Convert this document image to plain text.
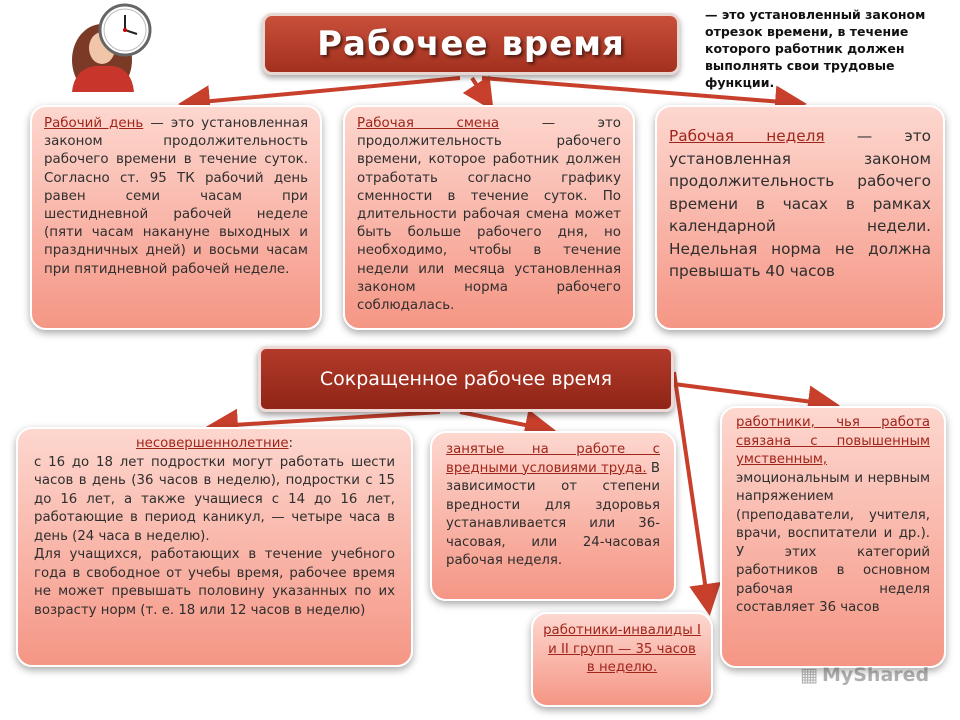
Рабочее время
— это установленный законом отрезок времени, в течение которого работник должен выполнять свои трудовые функции.
Рабочий день — это установленная законом продолжительность рабочего времени в течение суток. Согласно ст. 95 ТК рабочий день равен семи часам при шестидневной рабочей неделе (пяти часам накануне выходных и праздничных дней) и восьми часам при пятидневной рабочей неделе.
Рабочая смена — это продолжительность рабочего времени, которое работник должен отработать согласно графику сменности в течение суток. По длительности рабочая смена может быть больше рабочего дня, но необходимо, чтобы в течение недели или месяца установленная законом норма рабочего соблюдалась.
Рабочая неделя — это установленная законом продолжительность рабочего времени в часах в рамках календарной недели. Недельная норма не должна превышать 40 часов
Сокращенное рабочее время
несовершеннолетние:
с 16 до 18 лет подростки могут работать шести часов в день (36 часов в неделю), подростки с 15 до 16 лет, а также учащиеся с 14 до 16 лет, работающие в период каникул, — четыре часа в день (24 часа в неделю).
Для учащихся, работающих в течение учебного года в свободное от учебы время, рабочее время не может превышать половину указанных по их возрасту норм (т. е. 18 или 12 часов в неделю)
занятые на работе с вредными условиями труда. В зависимости от степени вредности для здоровья устанавливается или 36-часовая, или 24-часовая рабочая неделя.
работники-инвалиды I и II групп — 35 часов в неделю.
работники, чья работа связана с повышенным умственным, эмоциональным и нервным напряжением (преподаватели, учителя, врачи, воспитатели и др.). У этих категорий работников в основном рабочая неделя составляет 36 часов
▦ MyShared
